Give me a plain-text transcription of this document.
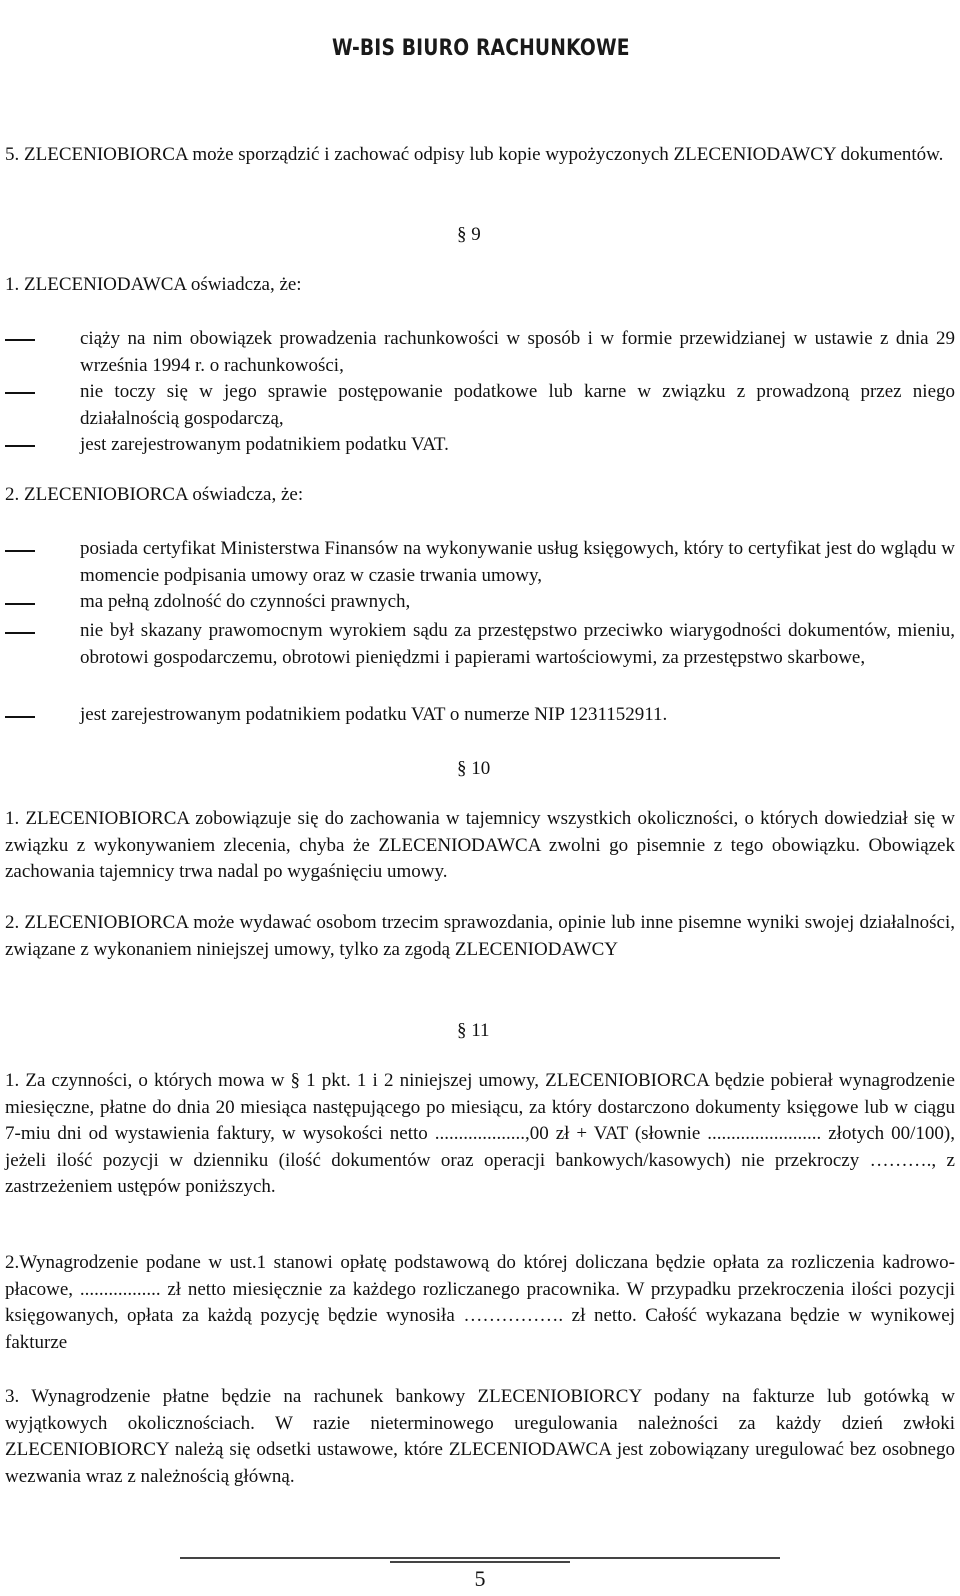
W-BIS BIURO RACHUNKOWE

5. ZLECENIOBIORCA może sporządzić i zachować odpisy lub kopie wypożyczonych ZLECENIODAWCY dokumentów.

§ 9

1. ZLECENIODAWCA oświadcza, że:

ciąży na nim obowiązek prowadzenia rachunkowości w sposób i w formie przewidzianej w ustawie z dnia 29 września 1994 r. o rachunkowości,

nie toczy się w jego sprawie postępowanie podatkowe lub karne w związku z prowadzoną przez niego działalnością gospodarczą,

jest zarejestrowanym podatnikiem podatku VAT.

2. ZLECENIOBIORCA oświadcza, że:

posiada certyfikat Ministerstwa Finansów na wykonywanie usług księgowych, który to certyfikat jest do wglądu w momencie podpisania umowy oraz w czasie trwania umowy,

ma pełną zdolność do czynności prawnych,

nie był skazany prawomocnym wyrokiem sądu za przestępstwo przeciwko wiarygodności dokumentów, mieniu, obrotowi gospodarczemu, obrotowi pieniędzmi i papierami wartościowymi, za przestępstwo skarbowe,

jest zarejestrowanym podatnikiem podatku VAT o numerze NIP 1231152911.

§ 10

1. ZLECENIOBIORCA zobowiązuje się do zachowania w tajemnicy wszystkich okoliczności, o których dowiedział się w związku z wykonywaniem zlecenia, chyba że ZLECENIODAWCA zwolni go pisemnie z tego obowiązku. Obowiązek zachowania tajemnicy trwa nadal po wygaśnięciu umowy.

2. ZLECENIOBIORCA może wydawać osobom trzecim sprawozdania, opinie lub inne pisemne wyniki swojej działalności, związane z wykonaniem niniejszej umowy, tylko za zgodą ZLECENIODAWCY

§ 11

1. Za czynności, o których mowa w § 1 pkt. 1 i 2 niniejszej umowy, ZLECENIOBIORCA będzie pobierał wynagrodzenie miesięczne, płatne do dnia 20 miesiąca następującego po miesiącu, za który dostarczono dokumenty księgowe lub w ciągu 7-miu dni od wystawienia faktury, w wysokości netto ...................,00 zł + VAT (słownie ........................ złotych 00/100), jeżeli ilość pozycji w dzienniku (ilość dokumentów oraz operacji bankowych/kasowych) nie przekroczy ………., z zastrzeżeniem ustępów poniższych.

2.Wynagrodzenie podane w ust.1 stanowi opłatę podstawową do której doliczana będzie opłata za rozliczenia kadrowo-płacowe, ................. zł netto miesięcznie za każdego rozliczanego pracownika. W przypadku przekroczenia ilości pozycji księgowanych, opłata za każdą pozycję będzie wynosiła ……………. zł netto. Całość wykazana będzie w wynikowej fakturze

3. Wynagrodzenie płatne będzie na rachunek bankowy ZLECENIOBIORCY podany na fakturze lub gotówką w wyjątkowych okolicznościach. W razie nieterminowego uregulowania należności za każdy dzień zwłoki ZLECENIOBIORCY należą się odsetki ustawowe, które ZLECENIODAWCA jest zobowiązany uregulować bez osobnego wezwania wraz z należnością główną.

5
